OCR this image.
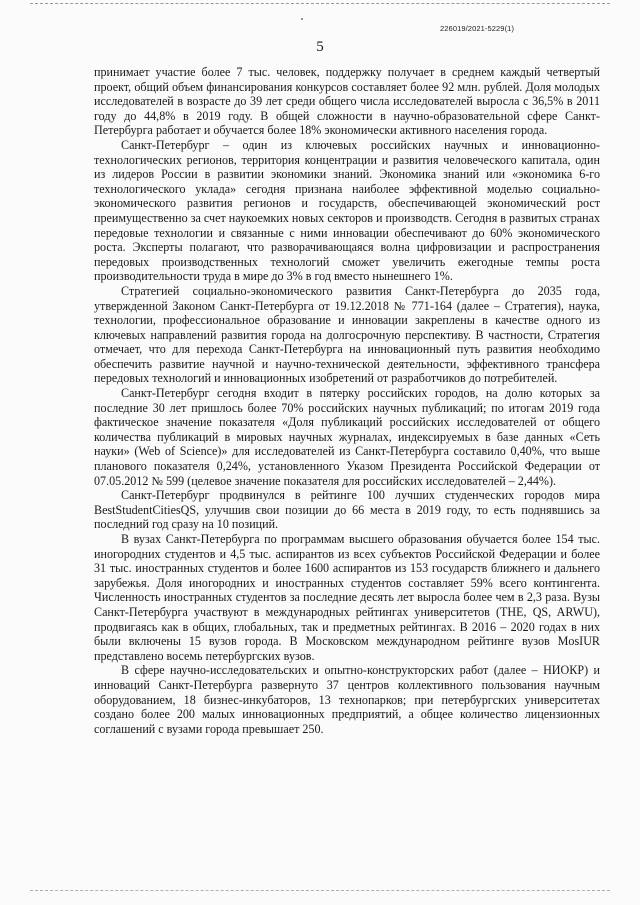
226019/2021-5229(1)
5

принимает участие более 7 тыс. человек, поддержку получает в среднем каждый четвертый проект, общий объем финансирования конкурсов составляет более 92 млн. рублей. Доля молодых исследователей в возрасте до 39 лет среди общего числа исследователей выросла с 36,5% в 2011 году до 44,8% в 2019 году. В общей сложности в научно-образовательной сфере Санкт-Петербурга работает и обучается более 18% экономически активного населения города.

Санкт-Петербург – один из ключевых российских научных и инновационно-технологических регионов, территория концентрации и развития человеческого капитала, один из лидеров России в развитии экономики знаний. Экономика знаний или «экономика 6-го технологического уклада» сегодня признана наиболее эффективной моделью социально-экономического развития регионов и государств, обеспечивающей экономический рост преимущественно за счет наукоемких новых секторов и производств. Сегодня в развитых странах передовые технологии и связанные с ними инновации обеспечивают до 60% экономического роста. Эксперты полагают, что разворачивающаяся волна цифровизации и распространения передовых производственных технологий сможет увеличить ежегодные темпы роста производительности труда в мире до 3% в год вместо нынешнего 1%.

Стратегией социально-экономического развития Санкт-Петербурга до 2035 года, утвержденной Законом Санкт-Петербурга от 19.12.2018 № 771-164 (далее – Стратегия), наука, технологии, профессиональное образование и инновации закреплены в качестве одного из ключевых направлений развития города на долгосрочную перспективу. В частности, Стратегия отмечает, что для перехода Санкт-Петербурга на инновационный путь развития необходимо обеспечить развитие научной и научно-технической деятельности, эффективного трансфера передовых технологий и инновационных изобретений от разработчиков до потребителей.

Санкт-Петербург сегодня входит в пятерку российских городов, на долю которых за последние 30 лет пришлось более 70% российских научных публикаций; по итогам 2019 года фактическое значение показателя «Доля публикаций российских исследователей от общего количества публикаций в мировых научных журналах, индексируемых в базе данных «Сеть науки» (Web of Science)» для исследователей из Санкт-Петербурга составило 0,40%, что выше планового показателя 0,24%, установленного Указом Президента Российской Федерации от 07.05.2012 № 599 (целевое значение показателя для российских исследователей – 2,44%).

Санкт-Петербург продвинулся в рейтинге 100 лучших студенческих городов мира BestStudentCitiesQS, улучшив свои позиции до 66 места в 2019 году, то есть поднявшись за последний год сразу на 10 позиций.

В вузах Санкт-Петербурга по программам высшего образования обучается более 154 тыс. иногородних студентов и 4,5 тыс. аспирантов из всех субъектов Российской Федерации и более 31 тыс. иностранных студентов и более 1600 аспирантов из 153 государств ближнего и дальнего зарубежья. Доля иногородних и иностранных студентов составляет 59% всего контингента. Численность иностранных студентов за последние десять лет выросла более чем в 2,3 раза. Вузы Санкт-Петербурга участвуют в международных рейтингах университетов (THE, QS, ARWU), продвигаясь как в общих, глобальных, так и предметных рейтингах. В 2016 – 2020 годах в них были включены 15 вузов города. В Московском международном рейтинге вузов MosIUR представлено восемь петербургских вузов.

В сфере научно-исследовательских и опытно-конструкторских работ (далее – НИОКР) и инноваций Санкт-Петербурга развернуто 37 центров коллективного пользования научным оборудованием, 18 бизнес-инкубаторов, 13 технопарков; при петербургских университетах создано более 200 малых инновационных предприятий, а общее количество лицензионных соглашений с вузами города превышает 250.
